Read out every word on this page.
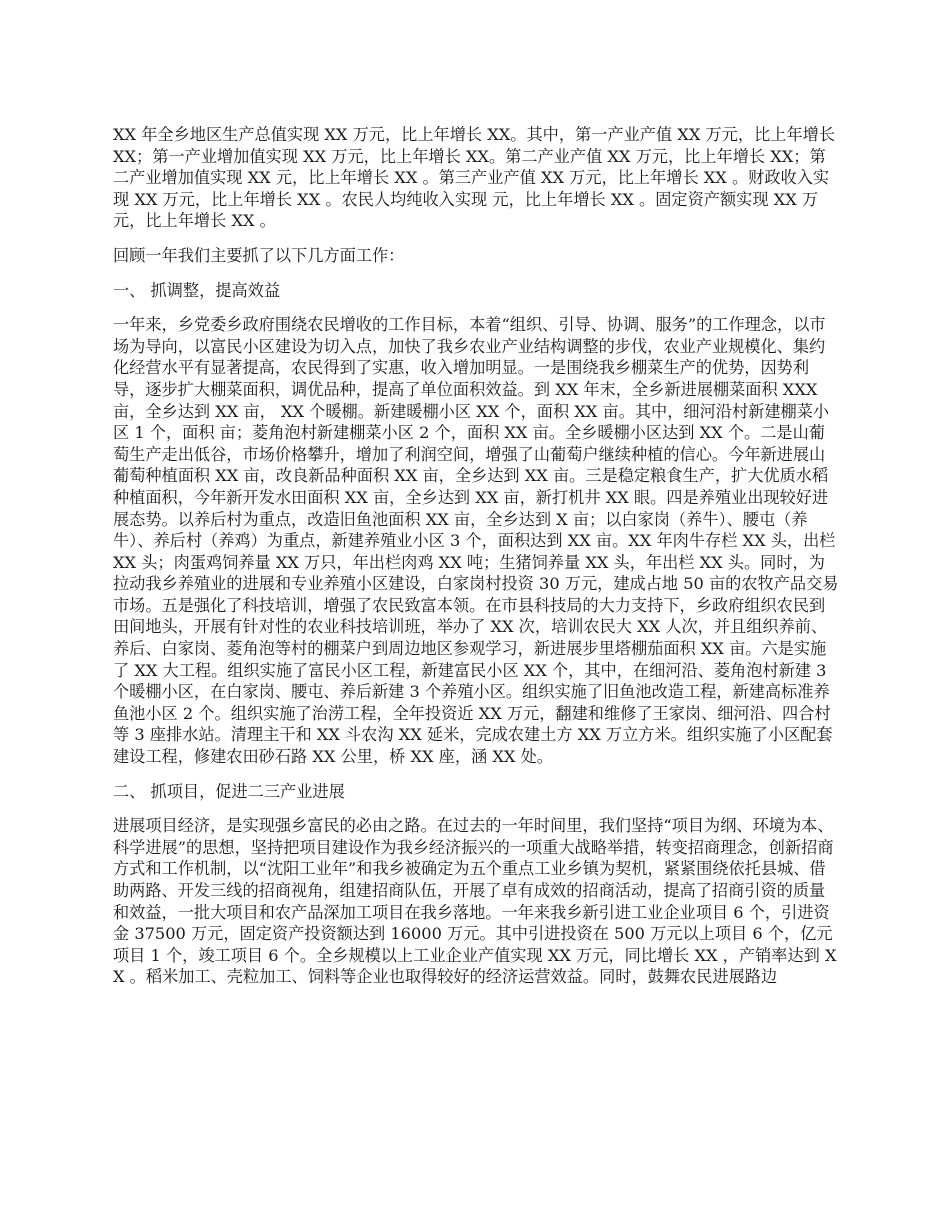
XX 年全乡地区生产总值实现 XX 万元，比上年增长 XX。其中，第一产业产值 XX 万元，比上年增长 XX；第一产业增加值实现 XX 万元，比上年增长 XX。第二产业产值 XX 万元，比上年增长 XX；第二产业增加值实现 XX 元，比上年增长 XX 。第三产业产值 XX 万元，比上年增长 XX 。财政收入实现 XX 万元，比上年增长 XX 。农民人均纯收入实现 元，比上年增长 XX 。固定资产额实现 XX 万元，比上年增长 XX 。

回顾一年我们主要抓了以下几方面工作：

一、 抓调整，提高效益

一年来，乡党委乡政府围绕农民增收的工作目标，本着“组织、引导、协调、服务”的工作理念，以市场为导向，以富民小区建设为切入点，加快了我乡农业产业结构调整的步伐，农业产业规模化、集约化经营水平有显著提高，农民得到了实惠，收入增加明显。一是围绕我乡棚菜生产的优势，因势利导，逐步扩大棚菜面积，调优品种，提高了单位面积效益。到 XX 年末，全乡新进展棚菜面积 XXX 亩，全乡达到 XX 亩， XX 个暖棚。新建暖棚小区 XX 个，面积 XX 亩。其中，细河沿村新建棚菜小区 1 个，面积 亩；菱角泡村新建棚菜小区 2 个，面积 XX 亩。全乡暖棚小区达到 XX 个。二是山葡萄生产走出低谷，市场价格攀升，增加了利润空间，增强了山葡萄户继续种植的信心。今年新进展山葡萄种植面积 XX 亩，改良新品种面积 XX 亩，全乡达到 XX 亩。三是稳定粮食生产，扩大优质水稻种植面积，今年新开发水田面积 XX 亩，全乡达到 XX 亩，新打机井 XX 眼。四是养殖业出现较好进展态势。以养后村为重点，改造旧鱼池面积 XX 亩，全乡达到 X 亩；以白家岗（养牛）、腰屯（养牛）、养后村（养鸡）为重点，新建养殖业小区 3 个，面积达到 XX 亩。XX 年肉牛存栏 XX 头，出栏 XX 头；肉蛋鸡饲养量 XX 万只，年出栏肉鸡 XX 吨；生猪饲养量 XX 头，年出栏 XX 头。同时，为拉动我乡养殖业的进展和专业养殖小区建设，白家岗村投资 30 万元，建成占地 50 亩的农牧产品交易市场。五是强化了科技培训，增强了农民致富本领。在市县科技局的大力支持下，乡政府组织农民到田间地头，开展有针对性的农业科技培训班，举办了 XX 次，培训农民大 XX 人次，并且组织养前、养后、白家岗、菱角泡等村的棚菜户到周边地区参观学习，新进展步里塔棚茄面积 XX 亩。六是实施了 XX 大工程。组织实施了富民小区工程，新建富民小区 XX 个，其中，在细河沿、菱角泡村新建 3 个暖棚小区，在白家岗、腰屯、养后新建 3 个养殖小区。组织实施了旧鱼池改造工程，新建高标准养鱼池小区 2 个。组织实施了治涝工程，全年投资近 XX 万元，翻建和维修了王家岗、细河沿、四合村等 3 座排水站。清理主干和 XX 斗农沟 XX 延米，完成农建土方 XX 万立方米。组织实施了小区配套建设工程，修建农田砂石路 XX 公里，桥 XX 座，涵 XX 处。

二、 抓项目，促进二三产业进展

进展项目经济，是实现强乡富民的必由之路。在过去的一年时间里，我们坚持“项目为纲、环境为本、科学进展”的思想，坚持把项目建设作为我乡经济振兴的一项重大战略举措，转变招商理念，创新招商方式和工作机制，以“沈阳工业年”和我乡被确定为五个重点工业乡镇为契机，紧紧围绕依托县城、借助两路、开发三线的招商视角，组建招商队伍，开展了卓有成效的招商活动，提高了招商引资的质量和效益，一批大项目和农产品深加工项目在我乡落地。一年来我乡新引进工业企业项目 6 个，引进资金 37500 万元，固定资产投资额达到 16000 万元。其中引进投资在 500 万元以上项目 6 个，亿元项目 1 个，竣工项目 6 个。全乡规模以上工业企业产值实现 XX 万元，同比增长 XX ，产销率达到 XX 。稻米加工、壳粒加工、饲料等企业也取得较好的经济运营效益。同时，鼓舞农民进展路边
